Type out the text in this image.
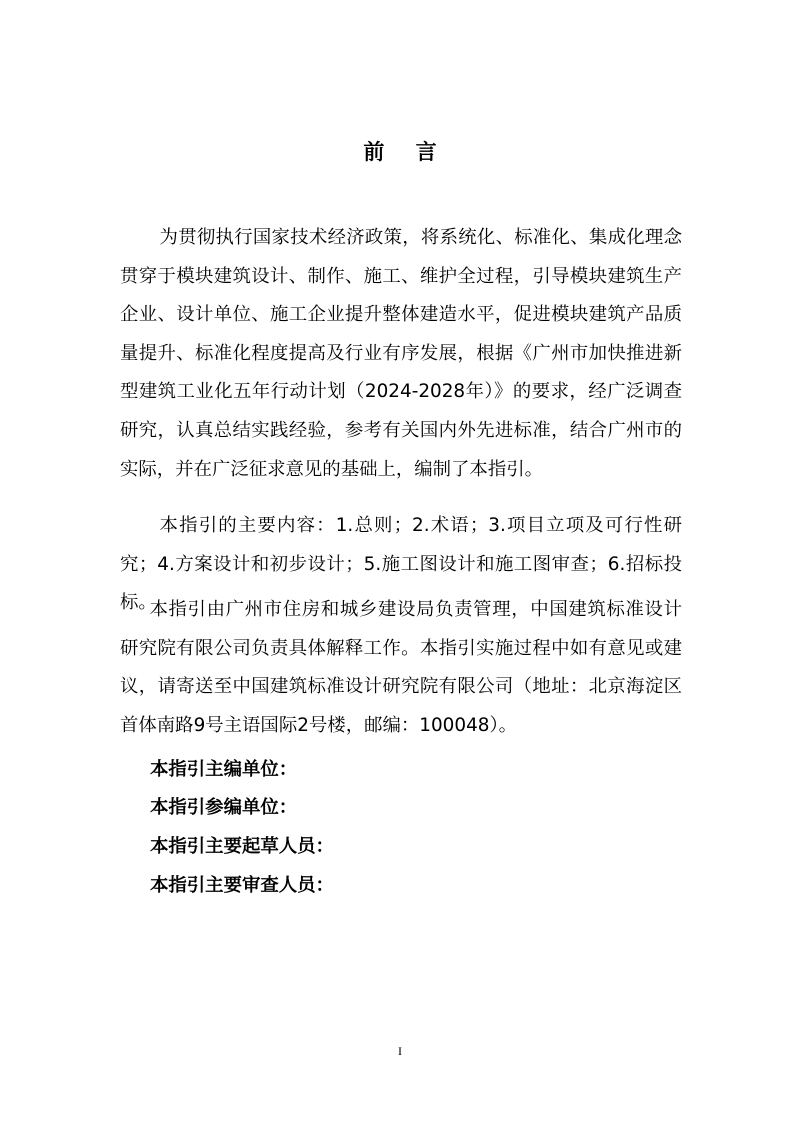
前 言

为贯彻执行国家技术经济政策，将系统化、标准化、集成化理念贯穿于模块建筑设计、制作、施工、维护全过程，引导模块建筑生产企业、设计单位、施工企业提升整体建造水平，促进模块建筑产品质量提升、标准化程度提高及行业有序发展，根据《广州市加快推进新型建筑工业化五年行动计划（2024-2028年）》的要求，经广泛调查研究，认真总结实践经验，参考有关国内外先进标准，结合广州市的实际，并在广泛征求意见的基础上，编制了本指引。

本指引的主要内容：1.总则；2.术语；3.项目立项及可行性研究；4.方案设计和初步设计；5.施工图设计和施工图审查；6.招标投标。

本指引由广州市住房和城乡建设局负责管理，中国建筑标准设计研究院有限公司负责具体解释工作。本指引实施过程中如有意见或建议，请寄送至中国建筑标准设计研究院有限公司（地址：北京海淀区首体南路9号主语国际2号楼，邮编：100048）。

本指引主编单位：
本指引参编单位：
本指引主要起草人员：
本指引主要审查人员：
I
